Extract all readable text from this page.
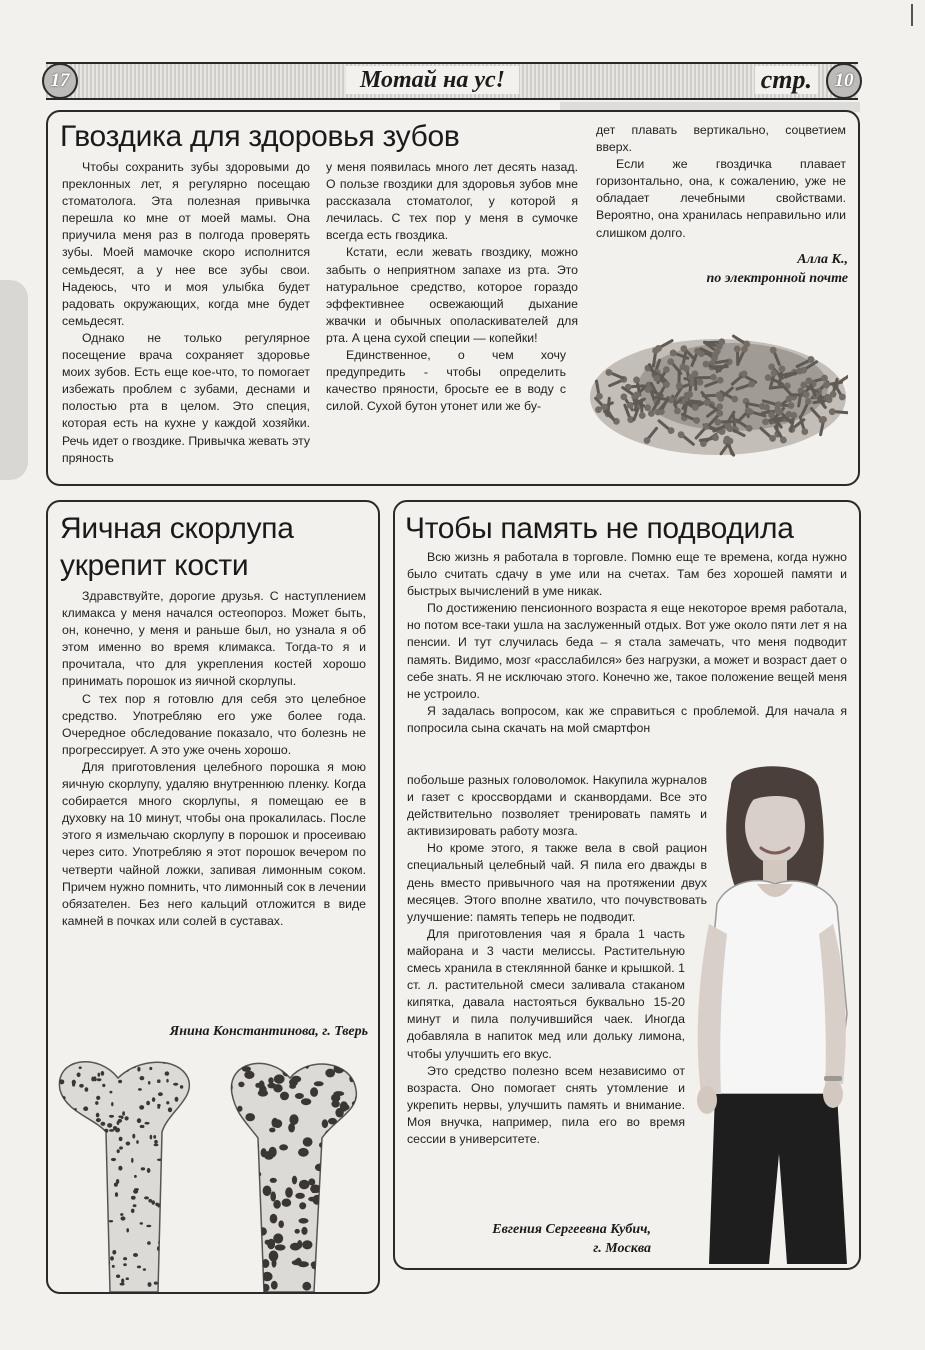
17	Мотай на ус!	стр.	10
Гвоздика для здоровья зубов

Чтобы сохранить зубы здоровыми до преклонных лет, я регулярно посещаю стоматолога. Эта полезная привычка перешла ко мне от моей мамы. Она приучила меня раз в полгода проверять зубы. Моей мамочке скоро исполнится семьдесят, а у нее все зубы свои. Надеюсь, что и моя улыбка будет радовать окружающих, когда мне будет семьдесят.

Однако не только регулярное посещение врача сохраняет здоровье моих зубов. Есть еще кое-что, то помогает избежать проблем с зубами, деснами и полостью рта в целом. Это специя, которая есть на кухне у каждой хозяйки. Речь идет о гвоздике. Привычка жевать эту пряность

у меня появилась много лет десять назад. О пользе гвоздики для здоровья зубов мне рассказала стоматолог, у которой я лечилась. С тех пор у меня в сумочке всегда есть гвоздика.

Кстати, если жевать гвоздику, можно забыть о неприятном запахе из рта. Это натуральное средство, которое гораздо эффективнее освежающий дыхание жвачки и обычных ополаскивателей для рта. А цена сухой специи — копейки!

Единственное, о чем хочу предупредить - чтобы определить качество пряности, бросьте ее в воду с силой. Сухой бутон утонет или же бу-

дет плавать вертикально, соцветием вверх.

Если же гвоздичка плавает горизонтально, она, к сожалению, уже не обладает лечебными свойствами. Вероятно, она хранилась неправильно или слишком долго.

Алла К.,
по электронной почте
Яичная скорлупа
укрепит кости

Здравствуйте, дорогие друзья. С наступлением климакса у меня начался остеопороз. Может быть, он, конечно, у меня и раньше был, но узнала я об этом именно во время климакса. Тогда-то я и прочитала, что для укрепления костей хорошо принимать порошок из яичной скорлупы.

С тех пор я готовлю для себя это целебное средство. Употребляю его уже более года. Очередное обследование показало, что болезнь не прогрессирует. А это уже очень хорошо.

Для приготовления целебного порошка я мою яичную скорлупу, удаляю внутреннюю пленку. Когда собирается много скорлупы, я помещаю ее в духовку на 10 минут, чтобы она прокалилась. После этого я измельчаю скорлупу в порошок и просеиваю через сито. Употребляю я этот порошок вечером по четверти чайной ложки, запивая лимонным соком. Причем нужно помнить, что лимонный сок в лечении обязателен. Без него кальций отложится в виде камней в почках или солей в суставах.

Янина Константинова, г. Тверь
Чтобы память не подводила

Всю жизнь я работала в торговле. Помню еще те времена, когда нужно было считать сдачу в уме или на счетах. Там без хорошей памяти и быстрых вычислений в уме никак.

По достижению пенсионного возраста я еще некоторое время работала, но потом все-таки ушла на заслуженный отдых. Вот уже около пяти лет я на пенсии. И тут случилась беда – я стала замечать, что меня подводит память. Видимо, мозг «расслабился» без нагрузки, а может и возраст дает о себе знать. Я не исключаю этого. Конечно же, такое положение вещей меня не устроило.

Я задалась вопросом, как же справиться с проблемой. Для начала я попросила сына скачать на мой смартфон

побольше разных головоломок. Накупила журналов и газет с кроссвордами и сканвордами. Все это действительно позволяет тренировать память и активизировать работу мозга.

Но кроме этого, я также вела в свой рацион специальный целебный чай. Я пила его дважды в день вместо привычного чая на протяжении двух месяцев. Этого вполне хватило, что почувствовать улучшение: память теперь не подводит.

Для приготовления чая я брала 1 часть майорана и 3 части мелиссы. Растительную смесь хранила в стеклянной банке и крышкой. 1 ст. л. растительной смеси заливала стаканом кипятка, давала настояться буквально 15-20 минут и пила получившийся чаек. Иногда добавляла в напиток мед или дольку лимона, чтобы улучшить его вкус.

Это средство полезно всем независимо от возраста. Оно помогает снять утомление и укрепить нервы, улучшить память и внимание. Моя внучка, например, пила его во время сессии в университете.

Евгения Сергеевна Кубич,
г. Москва
